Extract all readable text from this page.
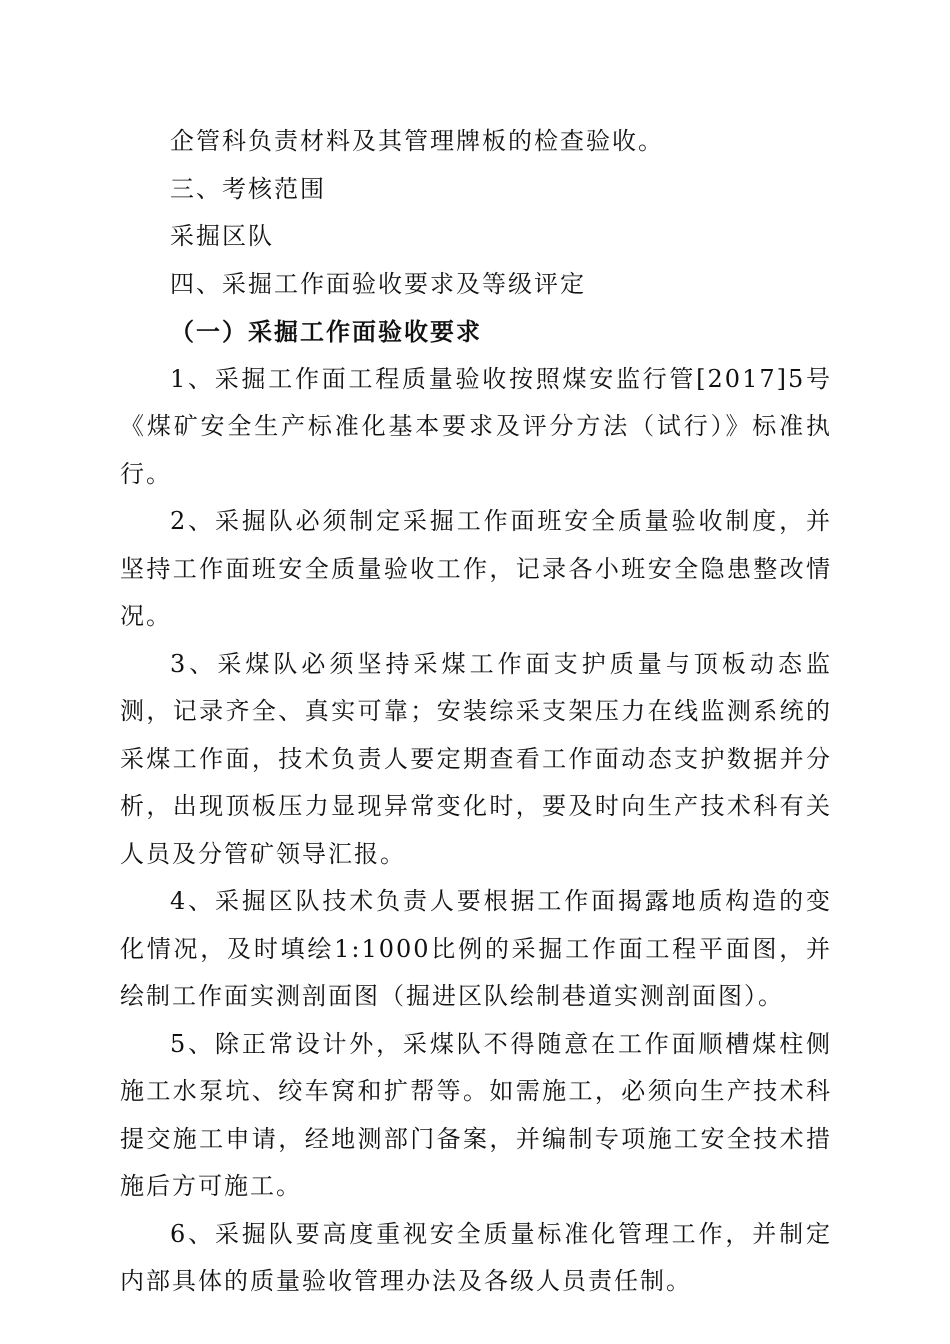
企管科负责材料及其管理牌板的检查验收。

三、考核范围

采掘区队

四、采掘工作面验收要求及等级评定

（一）采掘工作面验收要求

1、采掘工作面工程质量验收按照煤安监行管[2017]5号《煤矿安全生产标准化基本要求及评分方法（试行）》标准执行。

2、采掘队必须制定采掘工作面班安全质量验收制度，并坚持工作面班安全质量验收工作，记录各小班安全隐患整改情况。

3、采煤队必须坚持采煤工作面支护质量与顶板动态监测，记录齐全、真实可靠；安装综采支架压力在线监测系统的采煤工作面，技术负责人要定期查看工作面动态支护数据并分析，出现顶板压力显现异常变化时，要及时向生产技术科有关人员及分管矿领导汇报。

4、采掘区队技术负责人要根据工作面揭露地质构造的变化情况，及时填绘1:1000比例的采掘工作面工程平面图，并绘制工作面实测剖面图（掘进区队绘制巷道实测剖面图）。

5、除正常设计外，采煤队不得随意在工作面顺槽煤柱侧施工水泵坑、绞车窝和扩帮等。如需施工，必须向生产技术科提交施工申请，经地测部门备案，并编制专项施工安全技术措施后方可施工。

6、采掘队要高度重视安全质量标准化管理工作，并制定内部具体的质量验收管理办法及各级人员责任制。
